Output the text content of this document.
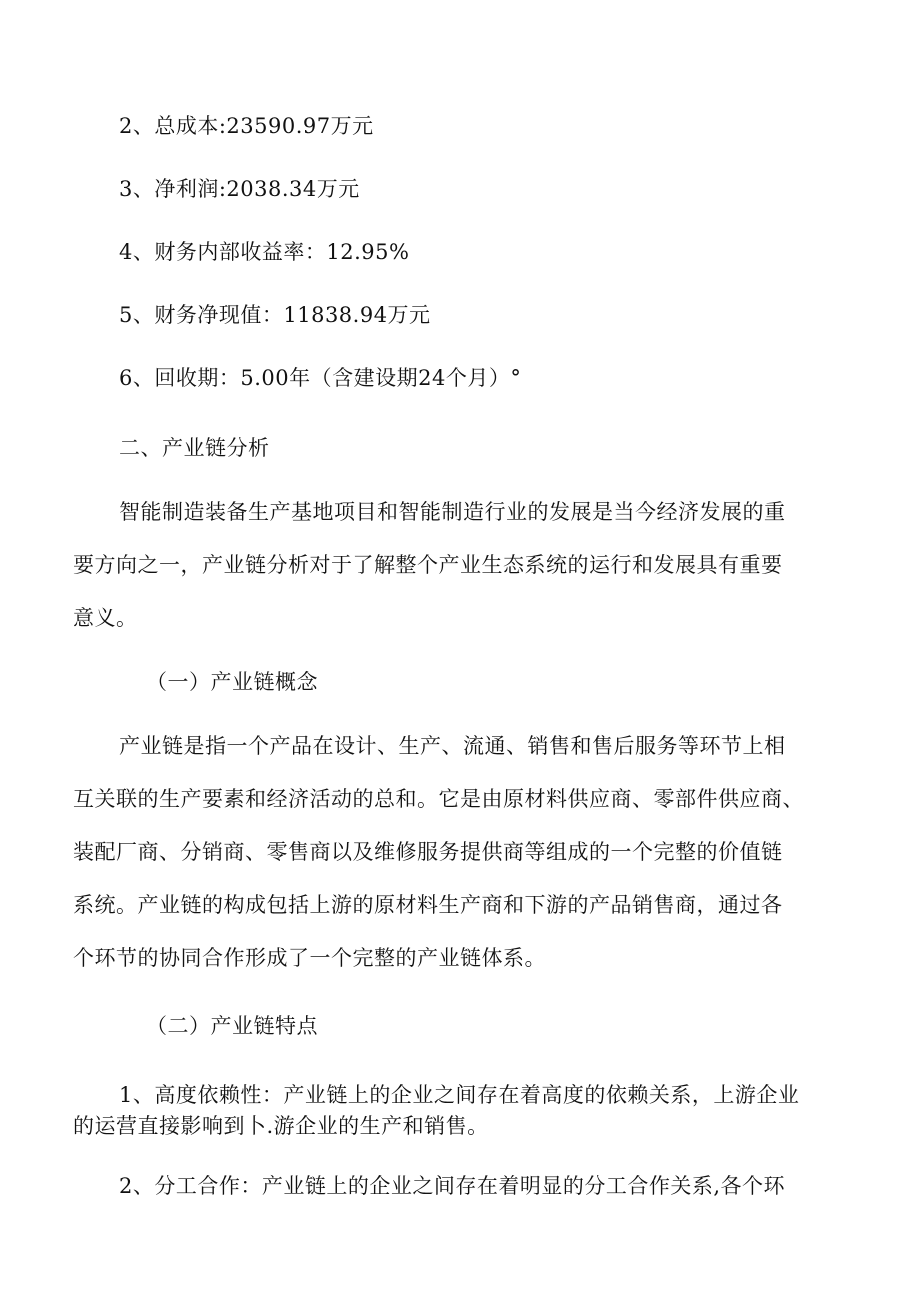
2、总成本:23590.97万元
3、净利润:2038.34万元
4、财务内部收益率：12.95%
5、财务净现值：11838.94万元
6、回收期：5.00年（含建设期24个月）°
二、产业链分析
智能制造装备生产基地项目和智能制造行业的发展是当今经济发展的重
要方向之一，产业链分析对于了解整个产业生态系统的运行和发展具有重要
意义。
（一）产业链概念
产业链是指一个产品在设计、生产、流通、销售和售后服务等环节上相
互关联的生产要素和经济活动的总和。它是由原材料供应商、零部件供应商、
装配厂商、分销商、零售商以及维修服务提供商等组成的一个完整的价值链
系统。产业链的构成包括上游的原材料生产商和下游的产品销售商，通过各
个环节的协同合作形成了一个完整的产业链体系。
（二）产业链特点
1、高度依赖性：产业链上的企业之间存在着高度的依赖关系，上游企业
的运营直接影响到卜.游企业的生产和销售。
2、分工合作：产业链上的企业之间存在着明显的分工合作关系,各个环
